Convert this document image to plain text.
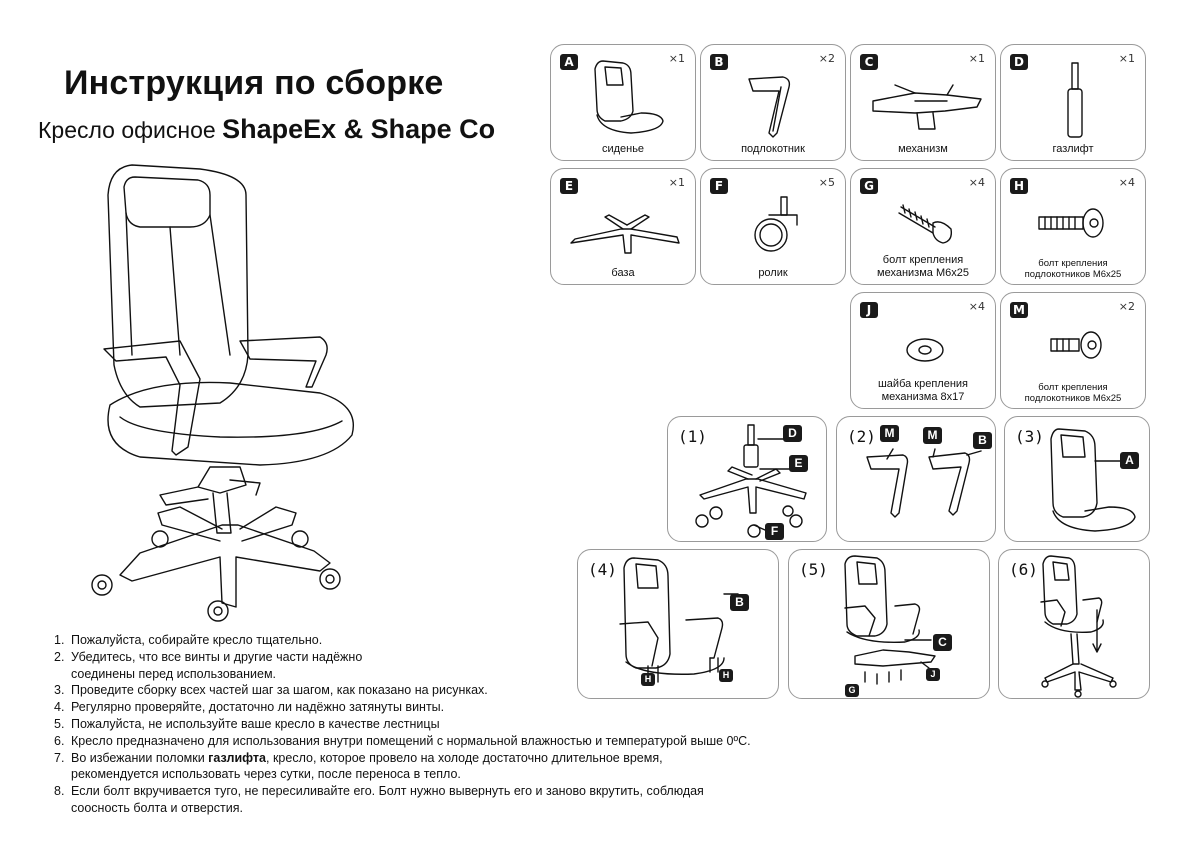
Инструкция по сборке
Кресло офисное ShapeEx & Shape Co
A	×1
сиденье
B	×2
подлокотник
C	×1
механизм
D	×1
газлифт
E	×1
база
F	×5
ролик
G	×4
болт крепления
механизма М6х25
H	×4
болт крепления
подлокотников М6х25
J	×4
шайба крепления
механизма 8х17
M	×2
болт крепления
подлокотников М6х25
(1)	D
E
F
(2) M	M	B	(3)
A
(4)
B
H	H
(5)
C
J
G
(6)
1. Пожалуйста, собирайте кресло тщательно.
2. Убедитесь, что все винты и другие части надёжно
соединены перед использованием.
3. Проведите сборку всех частей шаг за шагом, как показано на рисунках.
4. Регулярно проверяйте, достаточно ли надёжно затянуты винты.
5. Пожалуйста, не используйте ваше кресло в качестве лестницы
6. Кресло предназначено для использования внутри помещений с нормальной влажностью и температурой выше 0ºС.
7. Во избежании поломки газлифта, кресло, которое провело на холоде достаточно длительное время,
рекомендуется использовать через сутки, после переноса в тепло.
8. Если болт вкручивается туго, не пересиливайте его. Болт нужно вывернуть его и заново вкрутить, соблюдая
соосность болта и отверстия.
